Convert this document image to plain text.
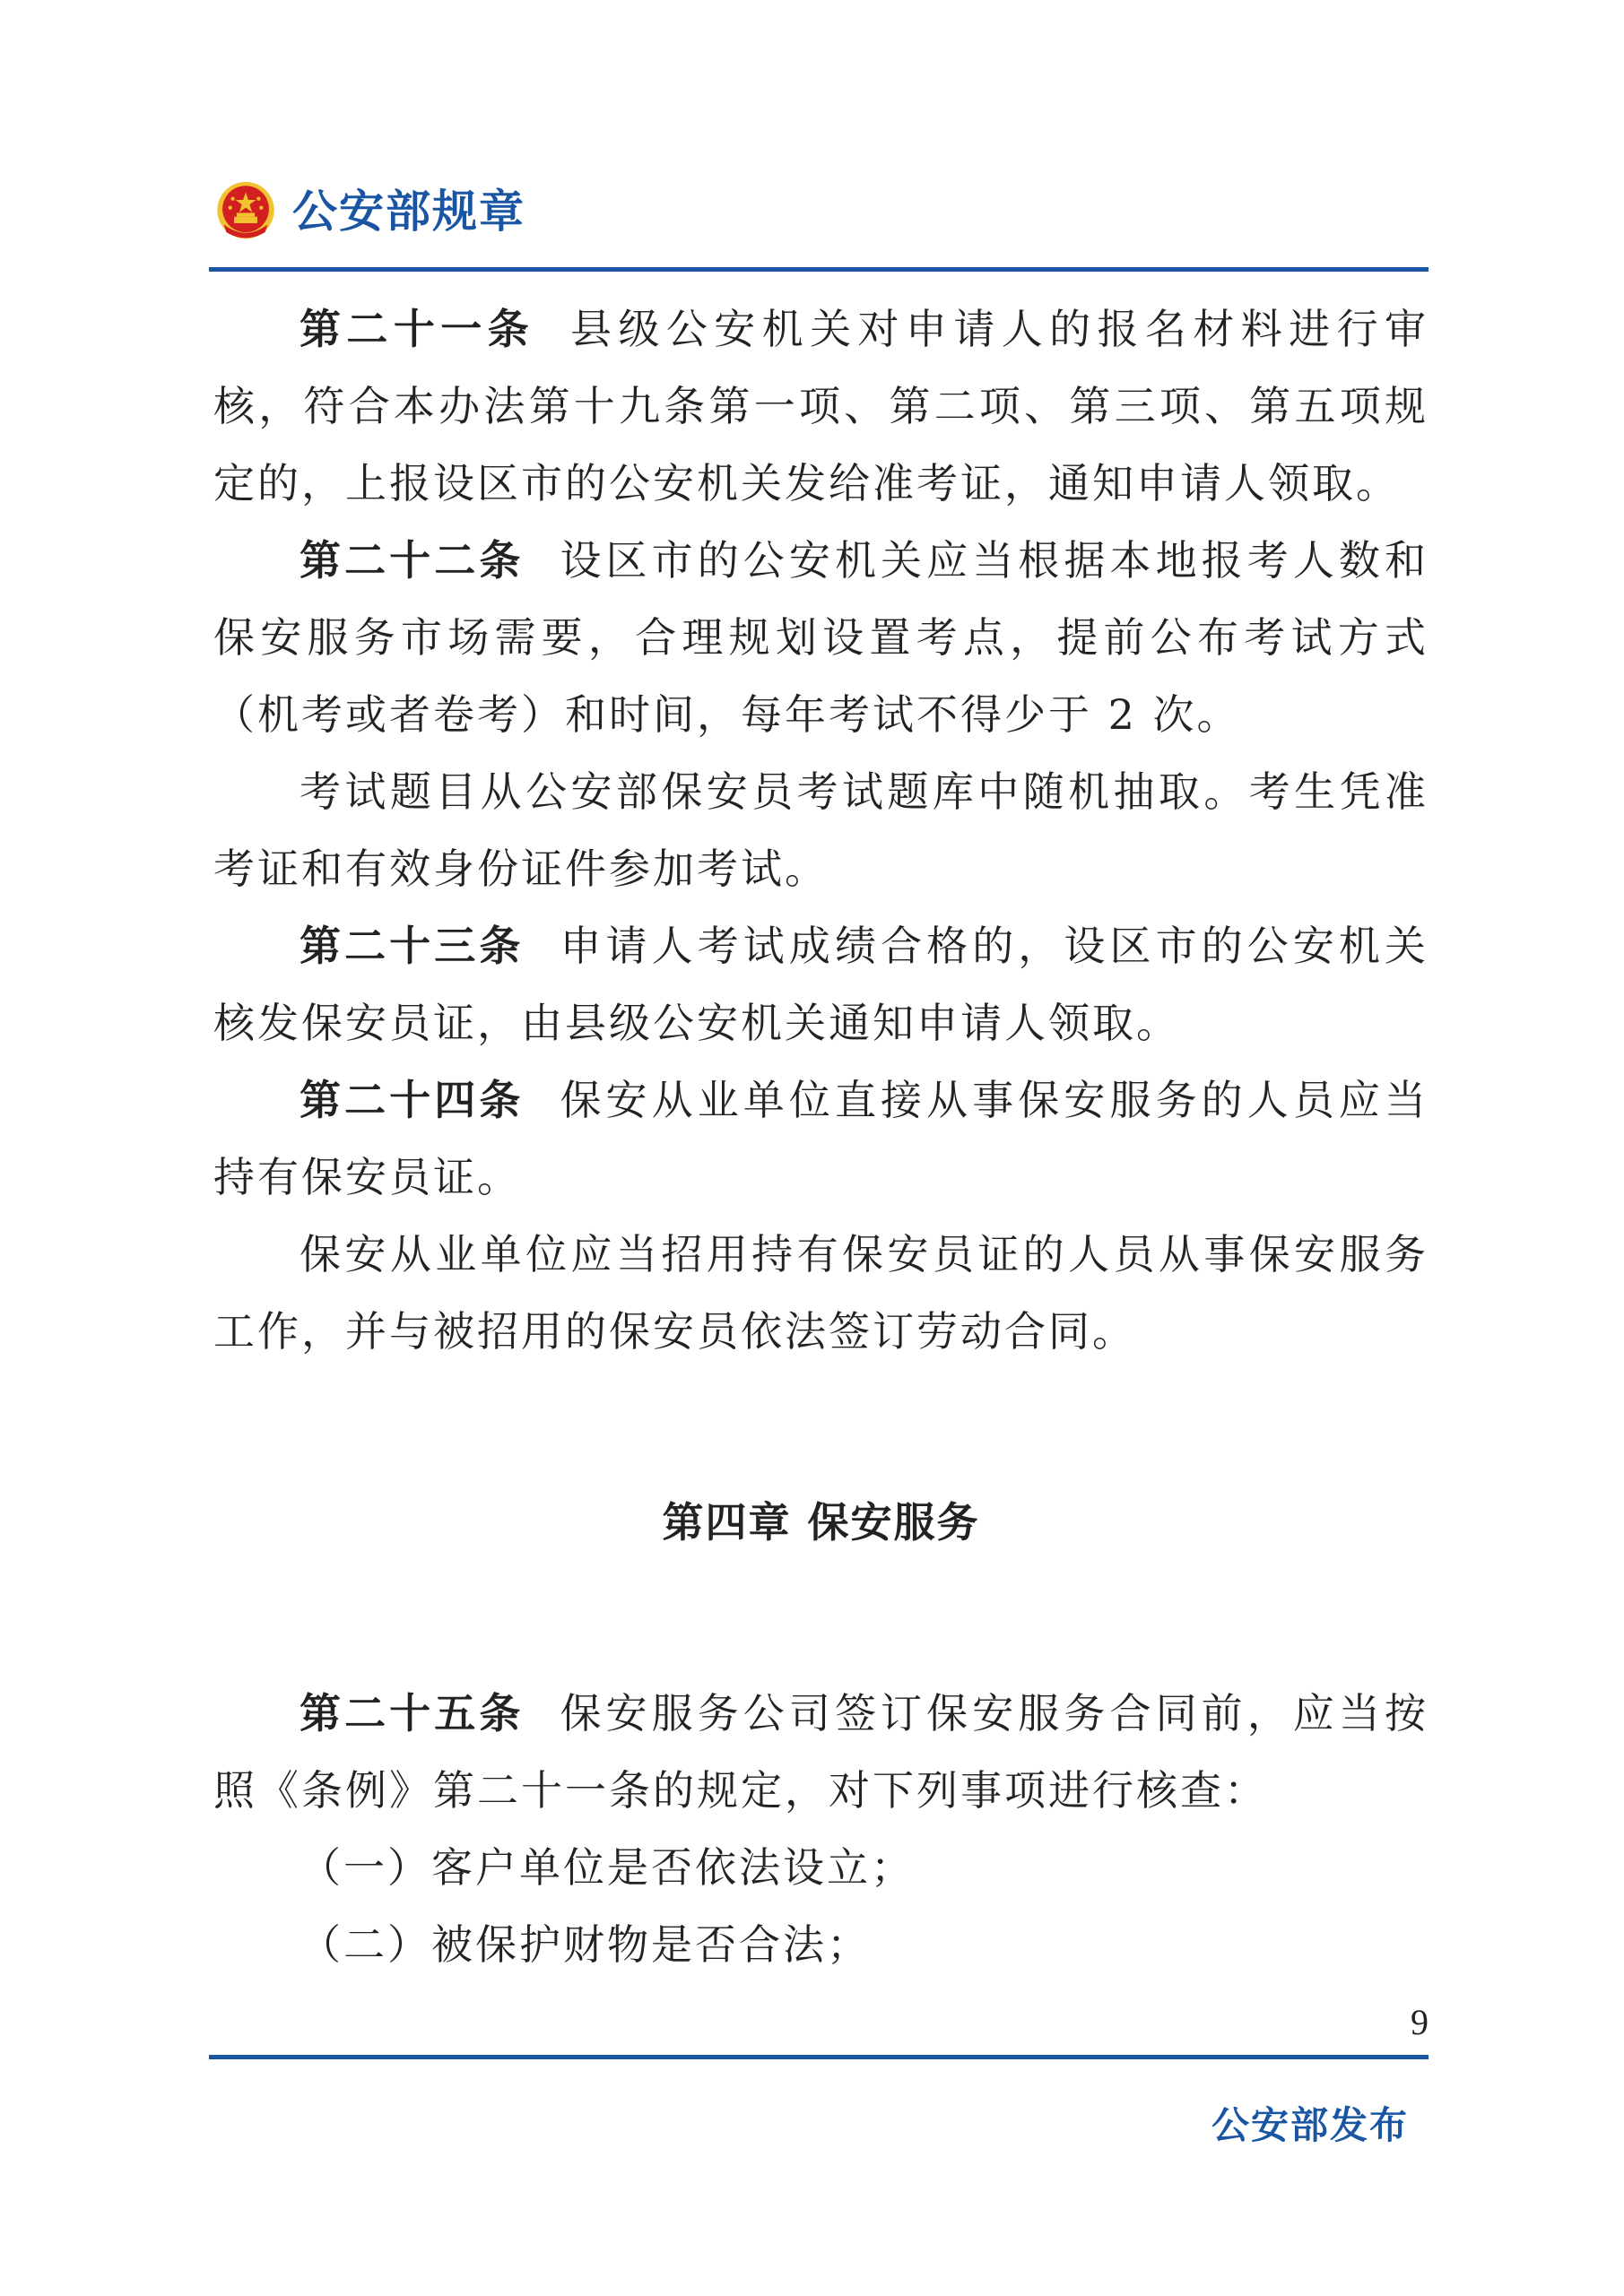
公安部规章

第二十一条 县级公安机关对申请人的报名材料进行审核，符合本办法第十九条第一项、第二项、第三项、第五项规定的，上报设区市的公安机关发给准考证，通知申请人领取。

第二十二条 设区市的公安机关应当根据本地报考人数和保安服务市场需要，合理规划设置考点，提前公布考试方式（机考或者卷考）和时间，每年考试不得少于 2 次。

考试题目从公安部保安员考试题库中随机抽取。考生凭准考证和有效身份证件参加考试。

第二十三条 申请人考试成绩合格的，设区市的公安机关核发保安员证，由县级公安机关通知申请人领取。

第二十四条 保安从业单位直接从事保安服务的人员应当持有保安员证。

保安从业单位应当招用持有保安员证的人员从事保安服务工作，并与被招用的保安员依法签订劳动合同。

第四章 保安服务

第二十五条 保安服务公司签订保安服务合同前，应当按照《条例》第二十一条的规定，对下列事项进行核查：

（一）客户单位是否依法设立；

（二）被保护财物是否合法；

9
公安部发布
